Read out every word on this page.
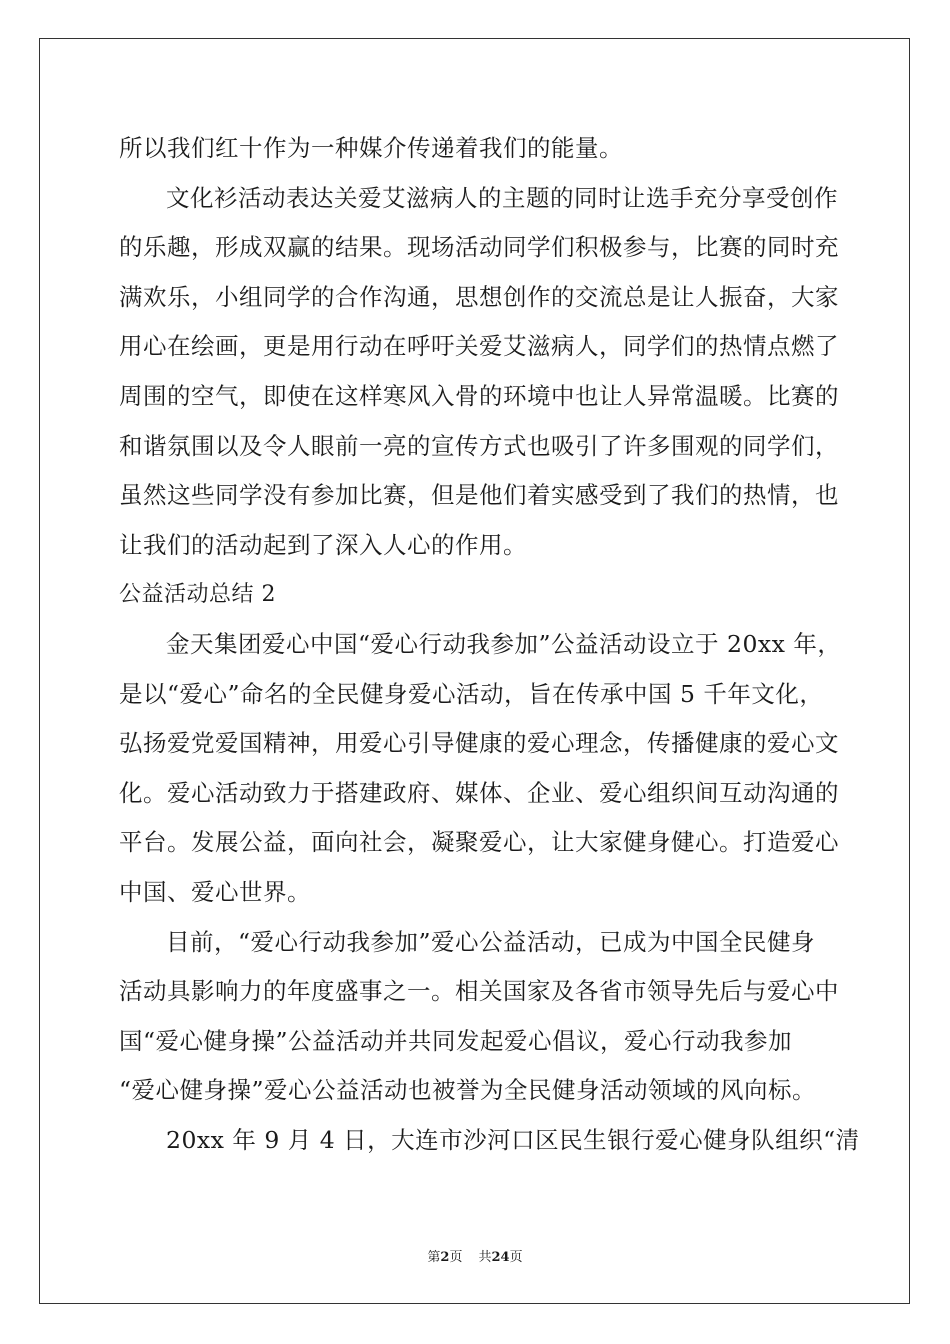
所以我们红十作为一种媒介传递着我们的能量。
文化衫活动表达关爱艾滋病人的主题的同时让选手充分享受创作
的乐趣，形成双赢的结果。现场活动同学们积极参与，比赛的同时充
满欢乐，小组同学的合作沟通，思想创作的交流总是让人振奋，大家
用心在绘画，更是用行动在呼吁关爱艾滋病人，同学们的热情点燃了
周围的空气，即使在这样寒风入骨的环境中也让人异常温暖。比赛的
和谐氛围以及令人眼前一亮的宣传方式也吸引了许多围观的同学们，
虽然这些同学没有参加比赛，但是他们着实感受到了我们的热情，也
让我们的活动起到了深入人心的作用。
公益活动总结 2
金天集团爱心中国“爱心行动我参加”公益活动设立于 20xx 年，
是以“爱心”命名的全民健身爱心活动，旨在传承中国 5 千年文化，
弘扬爱党爱国精神，用爱心引导健康的爱心理念，传播健康的爱心文
化。爱心活动致力于搭建政府、媒体、企业、爱心组织间互动沟通的
平台。发展公益，面向社会，凝聚爱心，让大家健身健心。打造爱心
中国、爱心世界。
目前，“爱心行动我参加”爱心公益活动，已成为中国全民健身
活动具影响力的年度盛事之一。相关国家及各省市领导先后与爱心中
国“爱心健身操”公益活动并共同发起爱心倡议，爱心行动我参加
“爱心健身操”爱心公益活动也被誉为全民健身活动领域的风向标。
20xx 年 9 月 4 日，大连市沙河口区民生银行爱心健身队组织“清
第2页 共24页
